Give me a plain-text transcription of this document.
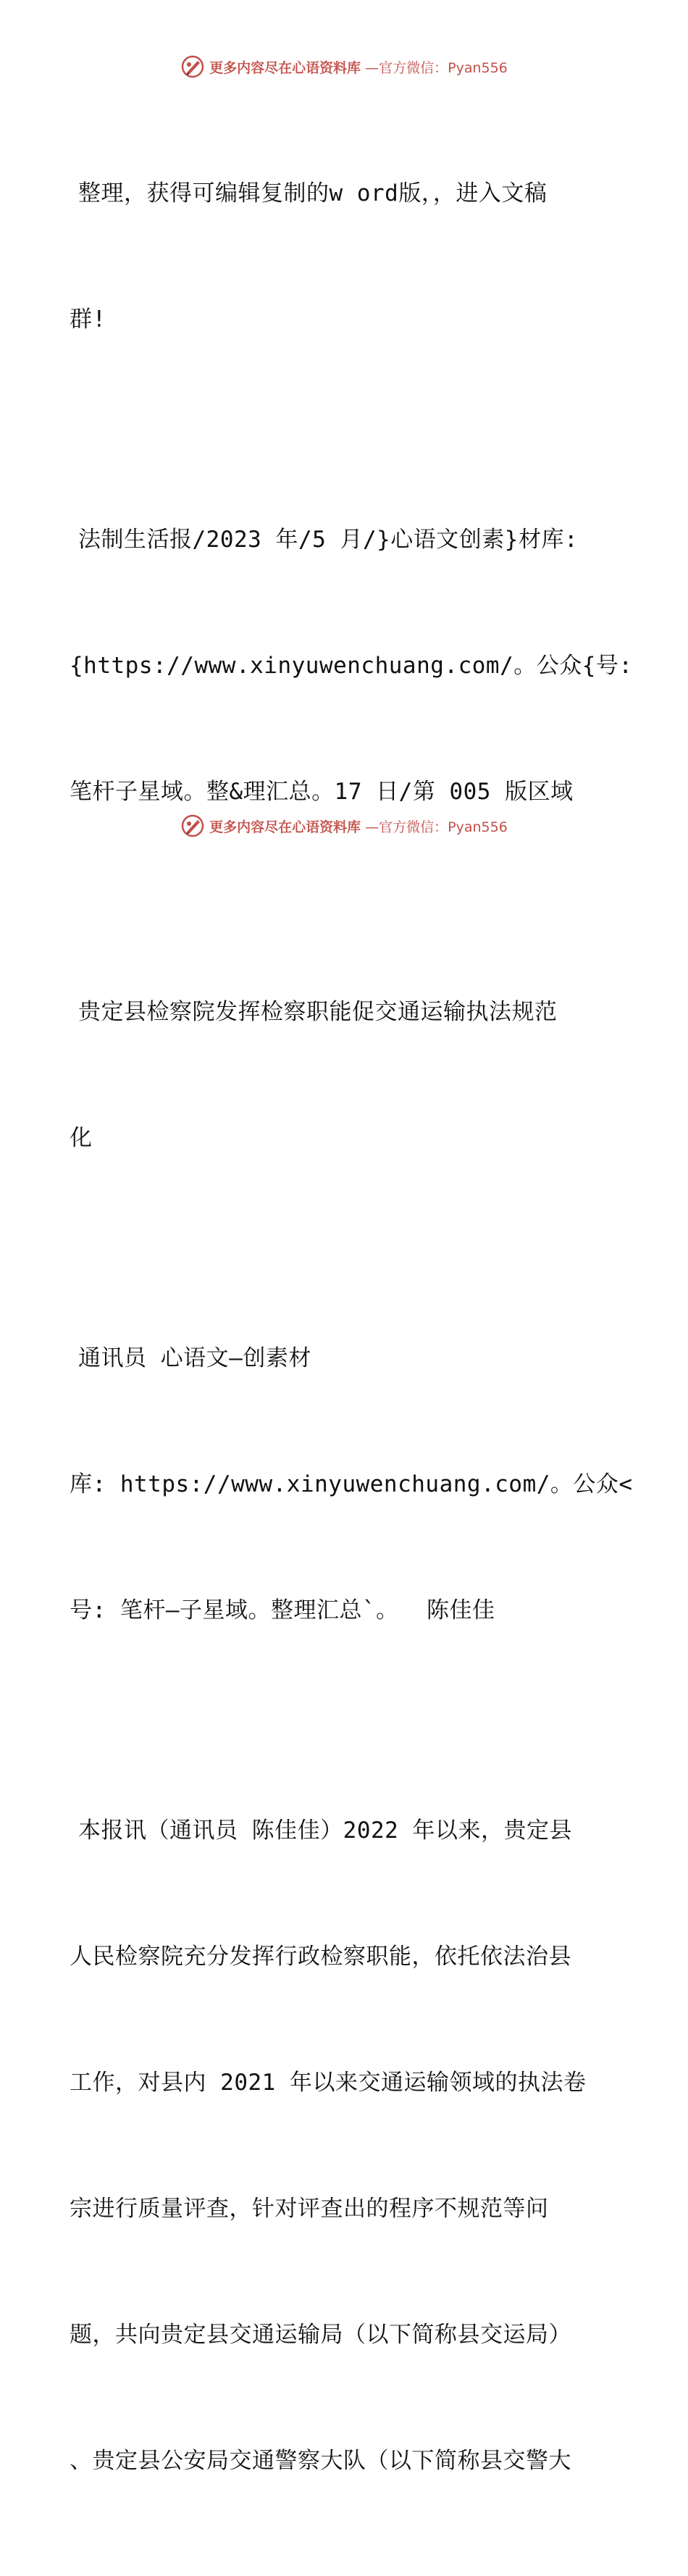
更多内容尽在心语资料库 —官方微信：Pyan556

整理，获得可编辑复制的w ord版，，进入文稿

群!

法制生活报/2023 年/5 月/}心语文创素}材库:

{https://www.xinyuwenchuang.com/。公众{号:

笔杆子星域。整&理汇总。17 日/第 005 版区域

贵定县检察院发挥检察职能促交通运输执法规范

化

通讯员 心语文—创素材

库: https://www.xinyuwenchuang.com/。公众<

号: 笔杆—子星域。整理汇总`。  陈佳佳

本报讯（通讯员 陈佳佳）2022 年以来，贵定县

人民检察院充分发挥行政检察职能，依托依法治县

工作，对县内 2021 年以来交通运输领域的执法卷

宗进行质量评查，针对评查出的程序不规范等问

题，共向贵定县交通运输局（以下简称县交运局）

、贵定县公安局交通警察大队（以下简称县交警大

更多内容尽在心语资料库 —官方微信：Pyan556
